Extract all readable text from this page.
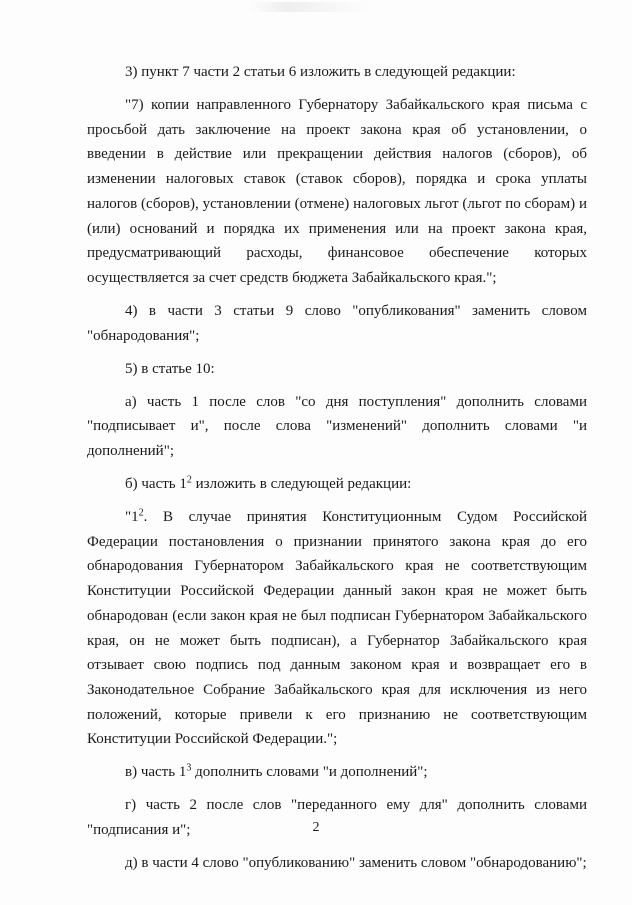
3) пункт 7 части 2 статьи 6 изложить в следующей редакции:

"7) копии направленного Губернатору Забайкальского края письма с просьбой дать заключение на проект закона края об установлении, о введении в действие или прекращении действия налогов (сборов), об изменении налоговых ставок (ставок сборов), порядка и срока уплаты налогов (сборов), установлении (отмене) налоговых льгот (льгот по сборам) и (или) оснований и порядка их применения или на проект закона края, предусматривающий расходы, финансовое обеспечение которых осуществляется за счет средств бюджета Забайкальского края.";

4) в части 3 статьи 9 слово "опубликования" заменить словом "обнародования";

5) в статье 10:

а) часть 1 после слов "со дня поступления" дополнить словами "подписывает и", после слова "изменений" дополнить словами "и дополнений";

б) часть $1^2$ изложить в следующей редакции:

"$1^2$. В случае принятия Конституционным Судом Российской Федерации постановления о признании принятого закона края до его обнародования Губернатором Забайкальского края не соответствующим Конституции Российской Федерации данный закон края не может быть обнародован (если закон края не был подписан Губернатором Забайкальского края, он не может быть подписан), а Губернатор Забайкальского края отзывает свою подпись под данным законом края и возвращает его в Законодательное Собрание Забайкальского края для исключения из него положений, которые привели к его признанию не соответствующим Конституции Российской Федерации.";

в) часть $1^3$ дополнить словами "и дополнений";

г) часть 2 после слов "переданного ему для" дополнить словами "подписания и";

д) в части 4 слово "опубликованию" заменить словом "обнародованию";

2
